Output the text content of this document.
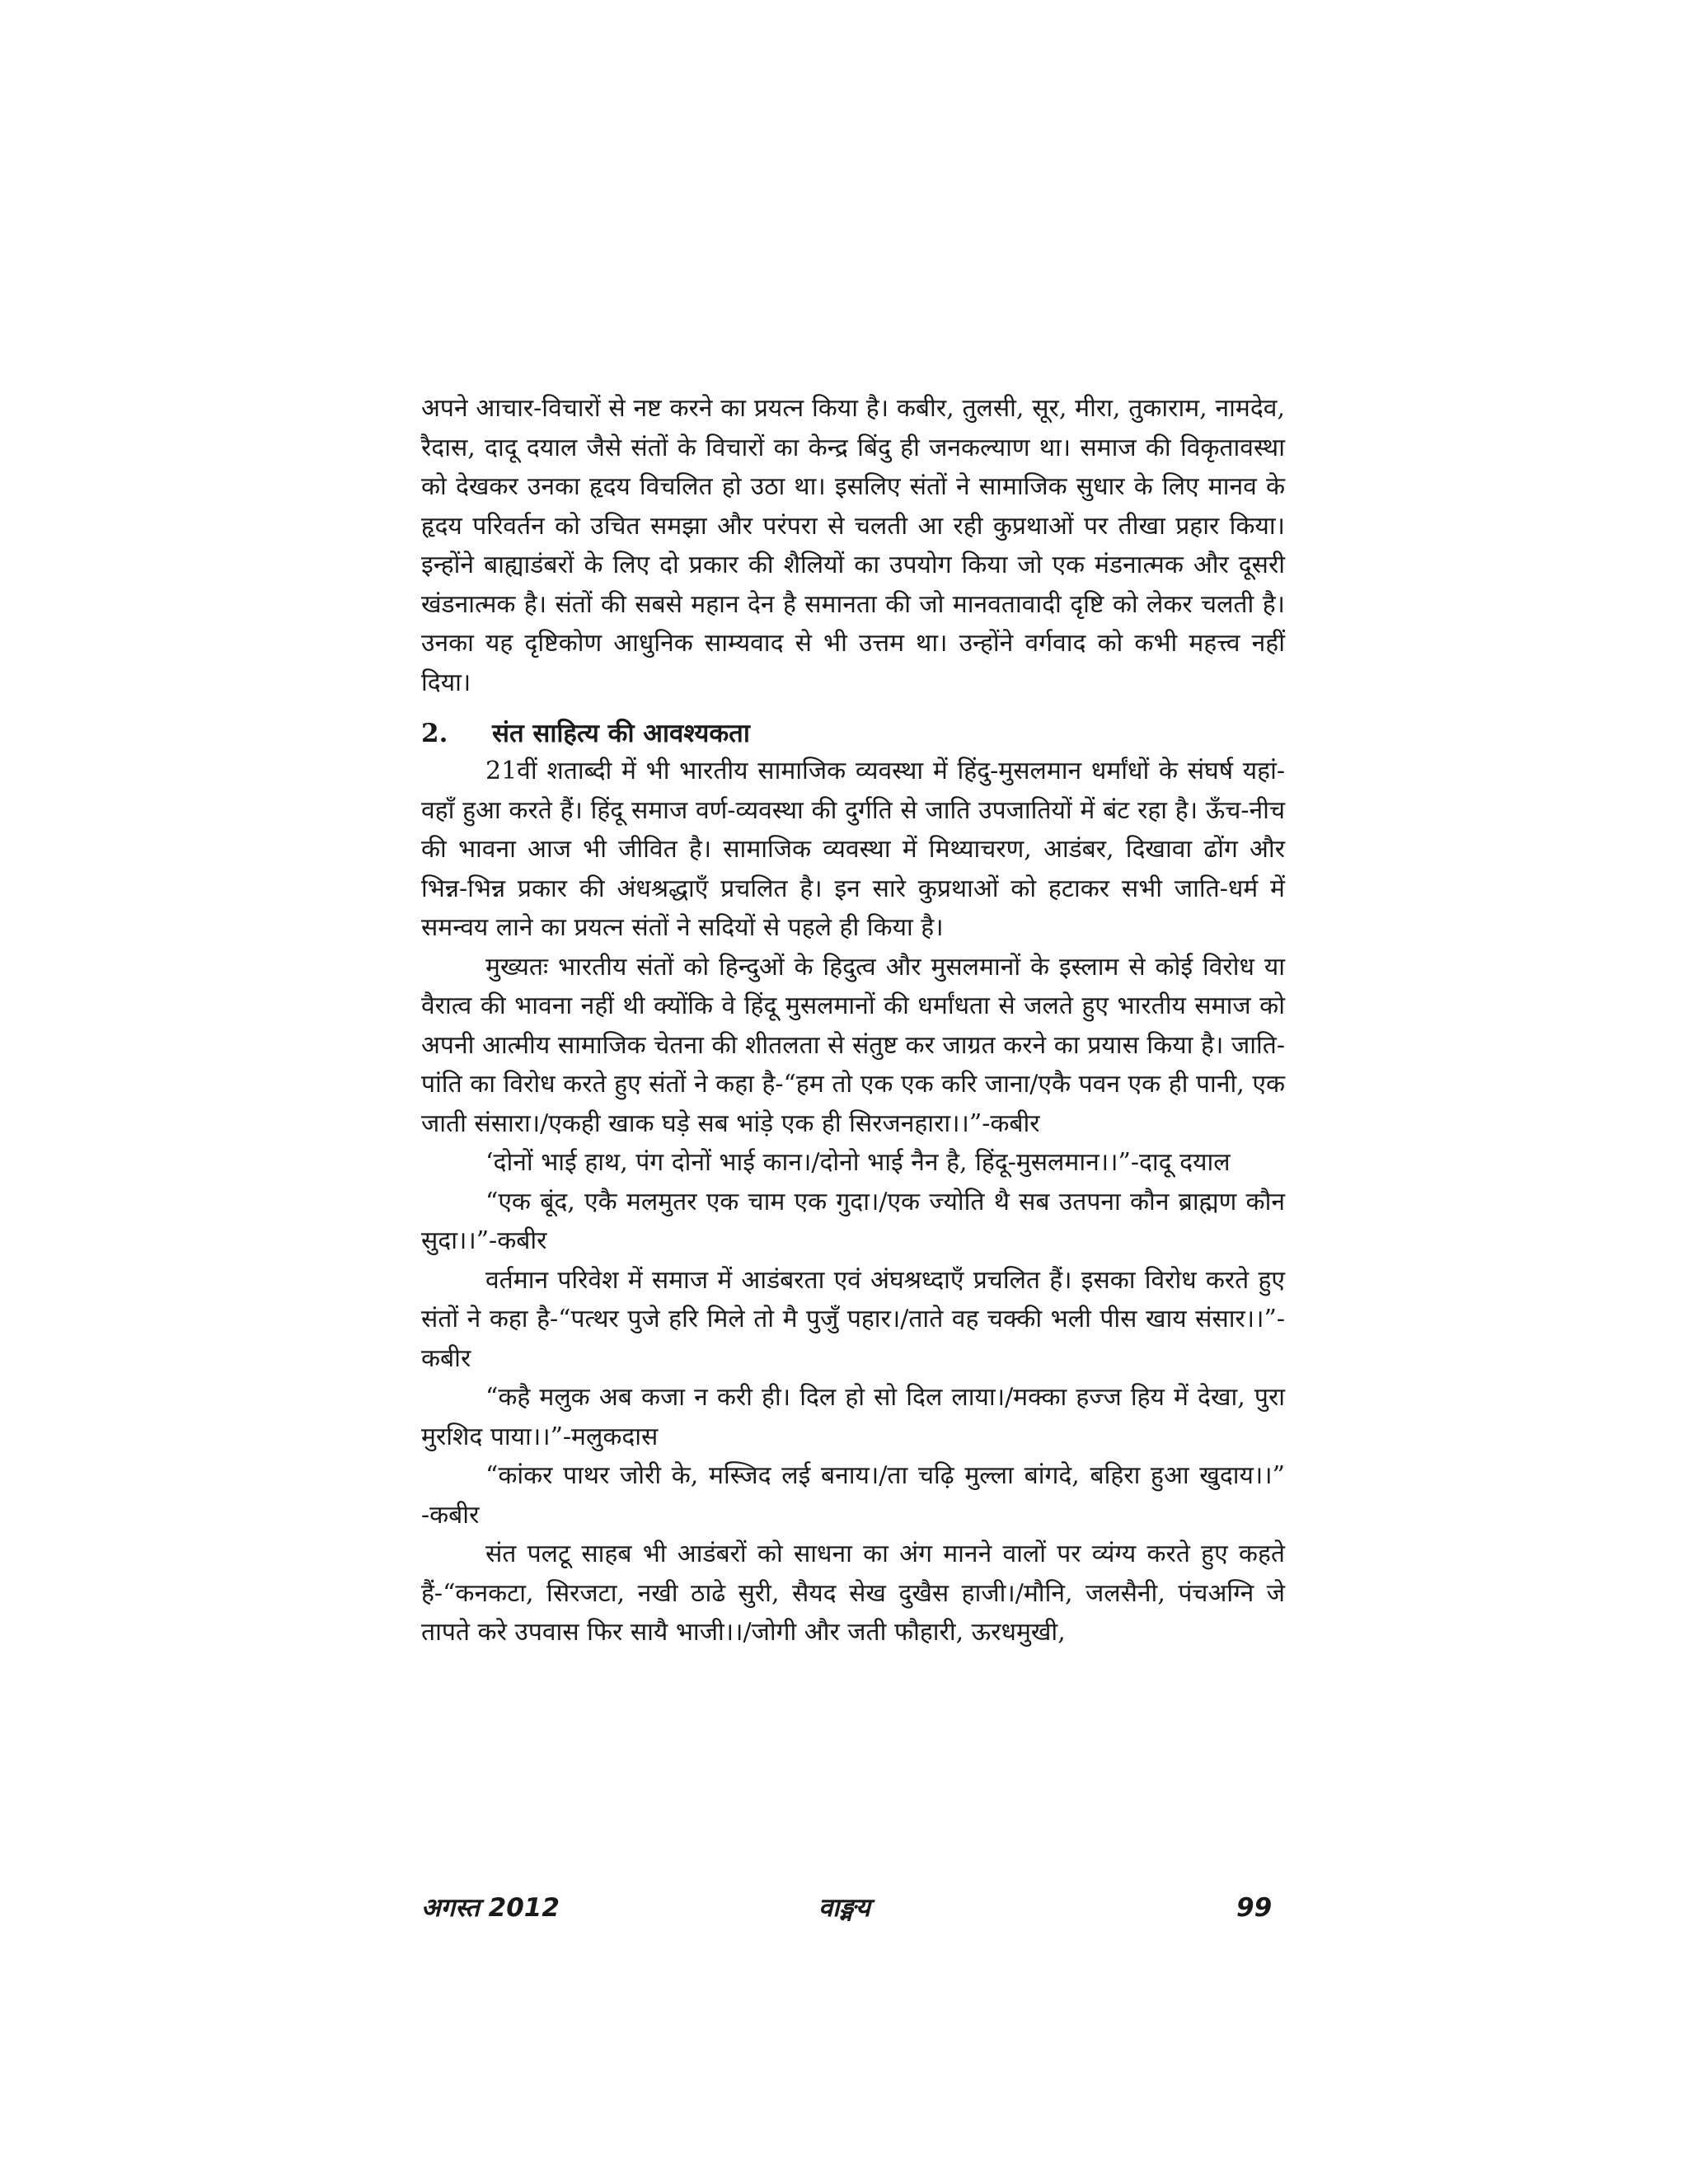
अपने आचार-विचारों से नष्ट करने का प्रयत्न किया है। कबीर, तुलसी, सूर, मीरा, तुकाराम, नामदेव, रैदास, दादू दयाल जैसे संतों के विचारों का केन्द्र बिंदु ही जनकल्याण था। समाज की विकृतावस्था को देखकर उनका हृदय विचलित हो उठा था। इसलिए संतों ने सामाजिक सुधार के लिए मानव के हृदय परिवर्तन को उचित समझा और परंपरा से चलती आ रही कुप्रथाओं पर तीखा प्रहार किया। इन्होंने बाह्याडंबरों के लिए दो प्रकार की शैलियों का उपयोग किया जो एक मंडनात्मक और दूसरी खंडनात्मक है। संतों की सबसे महान देन है समानता की जो मानवतावादी दृष्टि को लेकर चलती है। उनका यह दृष्टिकोण आधुनिक साम्यवाद से भी उत्तम था। उन्होंने वर्गवाद को कभी महत्त्व नहीं दिया।
2. संत साहित्य की आवश्यकता

21वीं शताब्दी में भी भारतीय सामाजिक व्यवस्था में हिंदु-मुसलमान धर्मांधों के संघर्ष यहां-वहाँ हुआ करते हैं। हिंदू समाज वर्ण-व्यवस्था की दुर्गति से जाति उपजातियों में बंट रहा है। ऊँच-नीच की भावना आज भी जीवित है। सामाजिक व्यवस्था में मिथ्याचरण, आडंबर, दिखावा ढोंग और भिन्न-भिन्न प्रकार की अंधश्रद्धाएँ प्रचलित है। इन सारे कुप्रथाओं को हटाकर सभी जाति-धर्म में समन्वय लाने का प्रयत्न संतों ने सदियों से पहले ही किया है।

मुख्यतः भारतीय संतों को हिन्दुओं के हिदुत्व और मुसलमानों के इस्लाम से कोई विरोध या वैरात्व की भावना नहीं थी क्योंकि वे हिंदू मुसलमानों की धर्मांधता से जलते हुए भारतीय समाज को अपनी आत्मीय सामाजिक चेतना की शीतलता से संतुष्ट कर जाग्रत करने का प्रयास किया है। जाति-पांति का विरोध करते हुए संतों ने कहा है-“हम तो एक एक करि जाना/एकै पवन एक ही पानी, एक जाती संसारा।/एकही खाक घड़े सब भांड़े एक ही सिरजनहारा।।”-कबीर

‘दोनों भाई हाथ, पंग दोनों भाई कान।/दोनो भाई नैन है, हिंदू-मुसलमान।।”-दादू दयाल

“एक बूंद, एकै मलमुतर एक चाम एक गुदा।/एक ज्योति थै सब उतपना कौन ब्राह्मण कौन सुदा।।”-कबीर

वर्तमान परिवेश में समाज में आडंबरता एवं अंघश्रध्दाएँ प्रचलित हैं। इसका विरोध करते हुए संतों ने कहा है-“पत्थर पुजे हरि मिले तो मै पुजुँ पहार।/ताते वह चक्की भली पीस खाय संसार।।”-कबीर

“कहै मलुक अब कजा न करी ही। दिल हो सो दिल लाया।/मक्का हज्ज हिय में देखा, पुरा मुरशिद पाया।।”-मलुकदास

“कांकर पाथर जोरी के, मस्जिद लई बनाय।/ता चढ़ि मुल्ला बांगदे, बहिरा हुआ खुदाय।।” -कबीर

संत पलटू साहब भी आडंबरों को साधना का अंग मानने वालों पर व्यंग्य करते हुए कहते हैं-“कनकटा, सिरजटा, नखी ठाढे सुरी, सैयद सेख दुखैस हाजी।/मौनि, जलसैनी, पंचअग्नि जे तापते करे उपवास फिर सायै भाजी।।/जोगी और जती फौहारी, ऊरधमुखी,

अगस्त 2012	वाङ्मय	99
